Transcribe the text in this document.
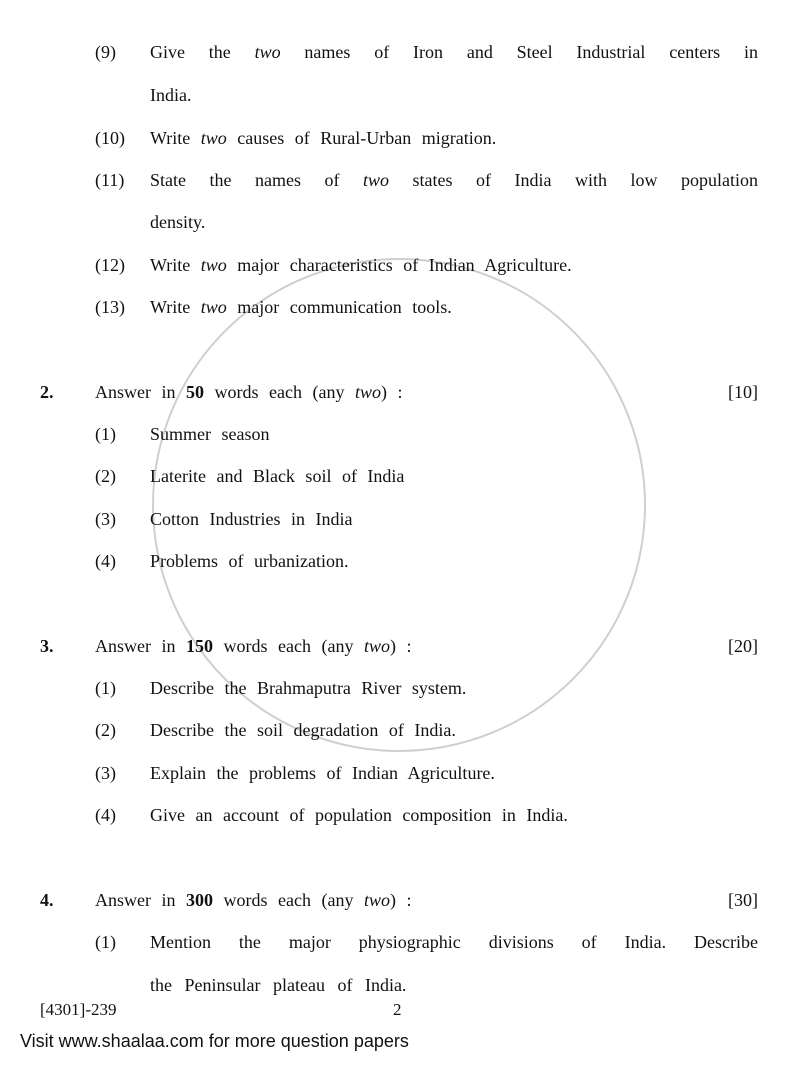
(9) Give the two names of Iron and Steel Industrial centers in
India.
(10) Write two causes of Rural-Urban migration.
(11) State the names of two states of India with low population
density.
(12) Write two major characteristics of Indian Agriculture.
(13) Write two major communication tools.
2. Answer in 50 words each (any two) :	[10]
(1) Summer season
(2) Laterite and Black soil of India
(3) Cotton Industries in India
(4) Problems of urbanization.
3. Answer in 150 words each (any two) :	[20]
(1) Describe the Brahmaputra River system.
(2) Describe the soil degradation of India.
(3) Explain the problems of Indian Agriculture.
(4) Give an account of population composition in India.
4. Answer in 300 words each (any two) :	[30]
(1) Mention the major physiographic divisions of India. Describe
the Peninsular plateau of India.
[4301]-239	2
Visit www.shaalaa.com for more question papers
